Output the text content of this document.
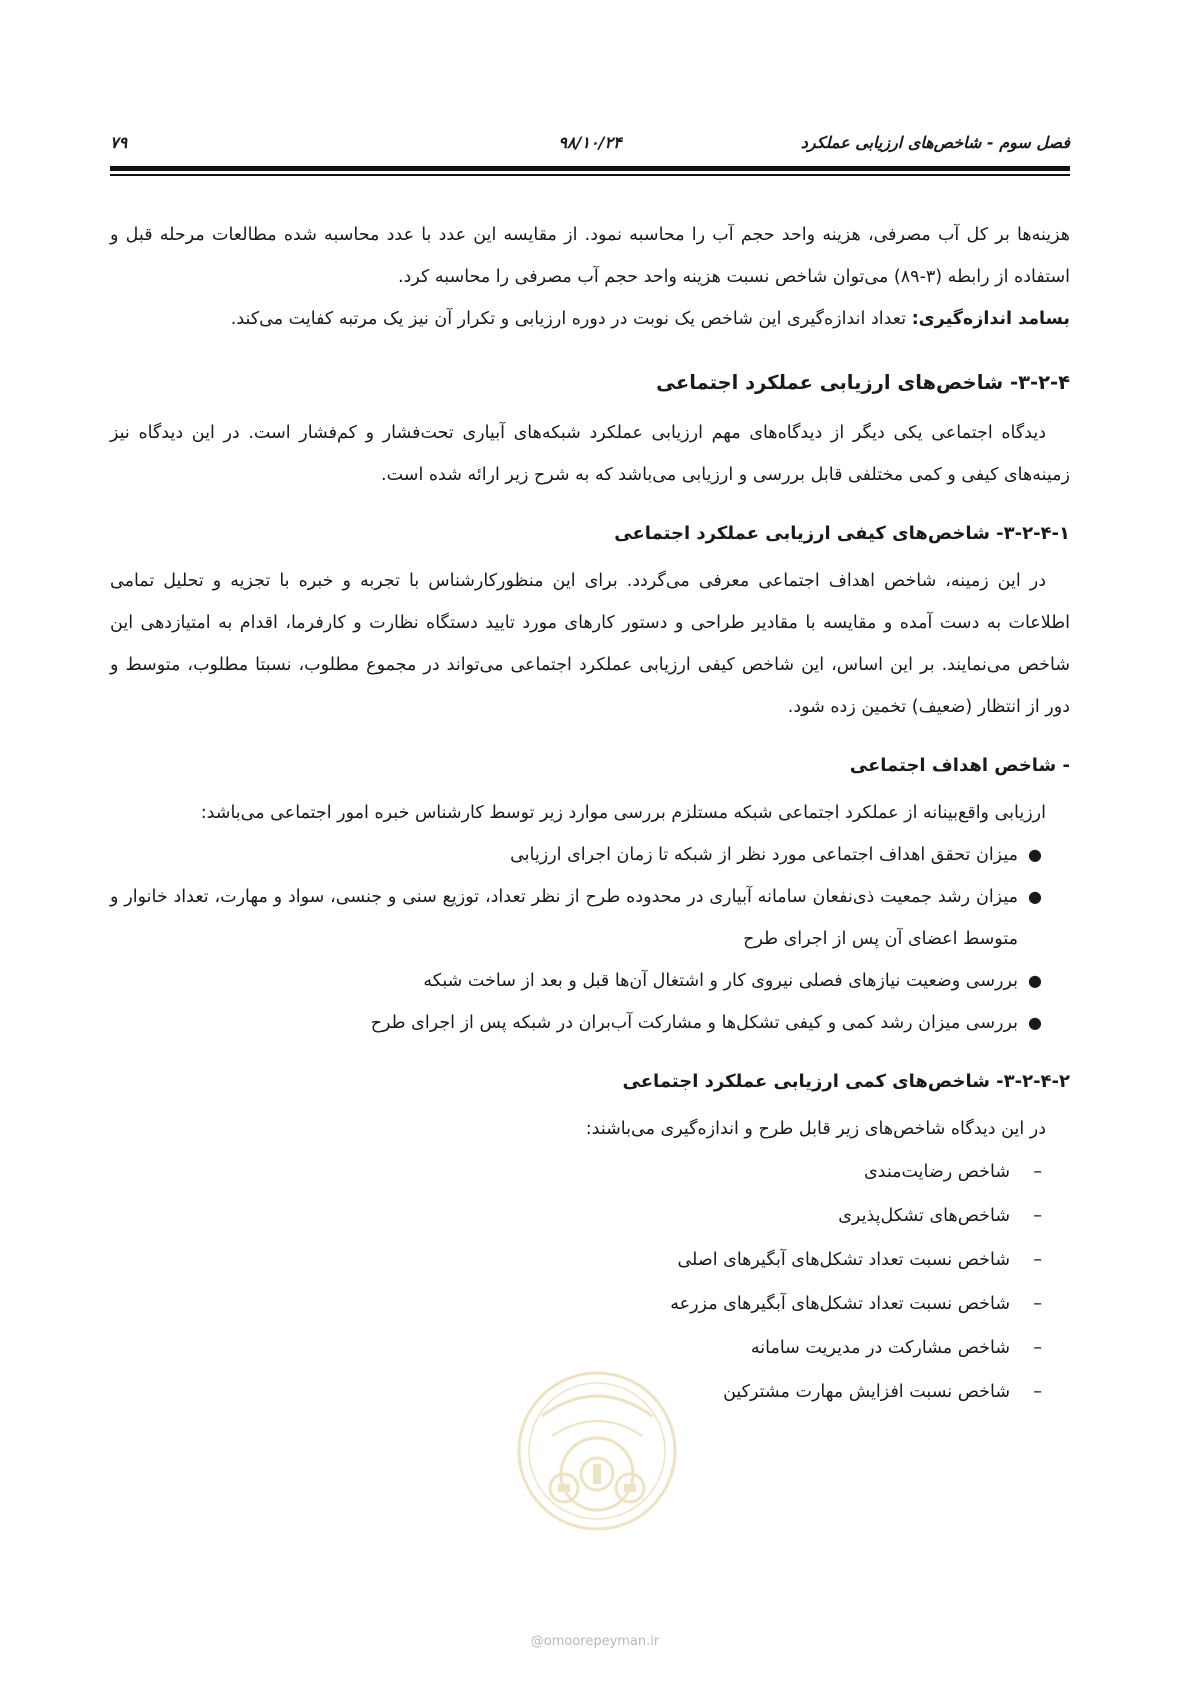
فصل سوم - شاخص‌های ارزیابی عملکرد
۹۸/۱۰/۲۴
۷۹

هزینه‌ها بر کل آب مصرفی، هزینه واحد حجم آب را محاسبه نمود. از مقایسه این عدد با عدد محاسبه شده مطالعات مرحله قبل و استفاده از رابطه (۳-۸۹) می‌توان شاخص نسبت هزینه واحد حجم آب مصرفی را محاسبه کرد.

بسامد اندازه‌گیری: تعداد اندازه‌گیری این شاخص یک نوبت در دوره ارزیابی و تکرار آن نیز یک مرتبه کفایت می‌کند.

۳-۲-۴- شاخص‌های ارزیابی عملکرد اجتماعی

دیدگاه اجتماعی یکی دیگر از دیدگاه‌های مهم ارزیابی عملکرد شبکه‌های آبیاری تحت‌فشار و کم‌فشار است. در این دیدگاه نیز زمینه‌های کیفی و کمی مختلفی قابل بررسی و ارزیابی می‌باشد که به شرح زیر ارائه شده است.

۳-۲-۴-۱- شاخص‌های کیفی ارزیابی عملکرد اجتماعی

در این زمینه، شاخص اهداف اجتماعی معرفی می‌گردد. برای این منظورکارشناس با تجربه و خبره با تجزیه و تحلیل تمامی اطلاعات به دست آمده و مقایسه با مقادیر طراحی و دستور کارهای مورد تایید دستگاه نظارت و کارفرما، اقدام به امتیازدهی این شاخص می‌نمایند. بر این اساس، این شاخص کیفی ارزیابی عملکرد اجتماعی می‌تواند در مجموع مطلوب، نسبتا مطلوب، متوسط و دور از انتظار (ضعیف) تخمین زده شود.

- شاخص اهداف اجتماعی

ارزیابی واقع‌بینانه از عملکرد اجتماعی شبکه مستلزم بررسی موارد زیر توسط کارشناس خبره امور اجتماعی می‌باشد:

●
میزان تحقق اهداف اجتماعی مورد نظر از شبکه تا زمان اجرای ارزیابی
●
میزان رشد جمعیت ذی‌نفعان سامانه آبیاری در محدوده طرح از نظر تعداد، توزیع سنی و جنسی، سواد و مهارت، تعداد خانوار و متوسط اعضای آن پس از اجرای طرح
●
بررسی وضعیت نیازهای فصلی نیروی کار و اشتغال آن‌ها قبل و بعد از ساخت شبکه
●
بررسی میزان رشد کمی و کیفی تشکل‌ها و مشارکت آب‌بران در شبکه پس از اجرای طرح
۳-۲-۴-۲- شاخص‌های کمی ارزیابی عملکرد اجتماعی

در این دیدگاه شاخص‌های زیر قابل طرح و اندازه‌گیری می‌باشند:

–
شاخص رضایت‌مندی
–
شاخص‌های تشکل‌پذیری
–
شاخص نسبت تعداد تشکل‌های آبگیرهای اصلی
–
شاخص نسبت تعداد تشکل‌های آبگیرهای مزرعه
–
شاخص مشارکت در مدیریت سامانه
–
شاخص نسبت افزایش مهارت مشترکین
@omoorepeyman.ir
